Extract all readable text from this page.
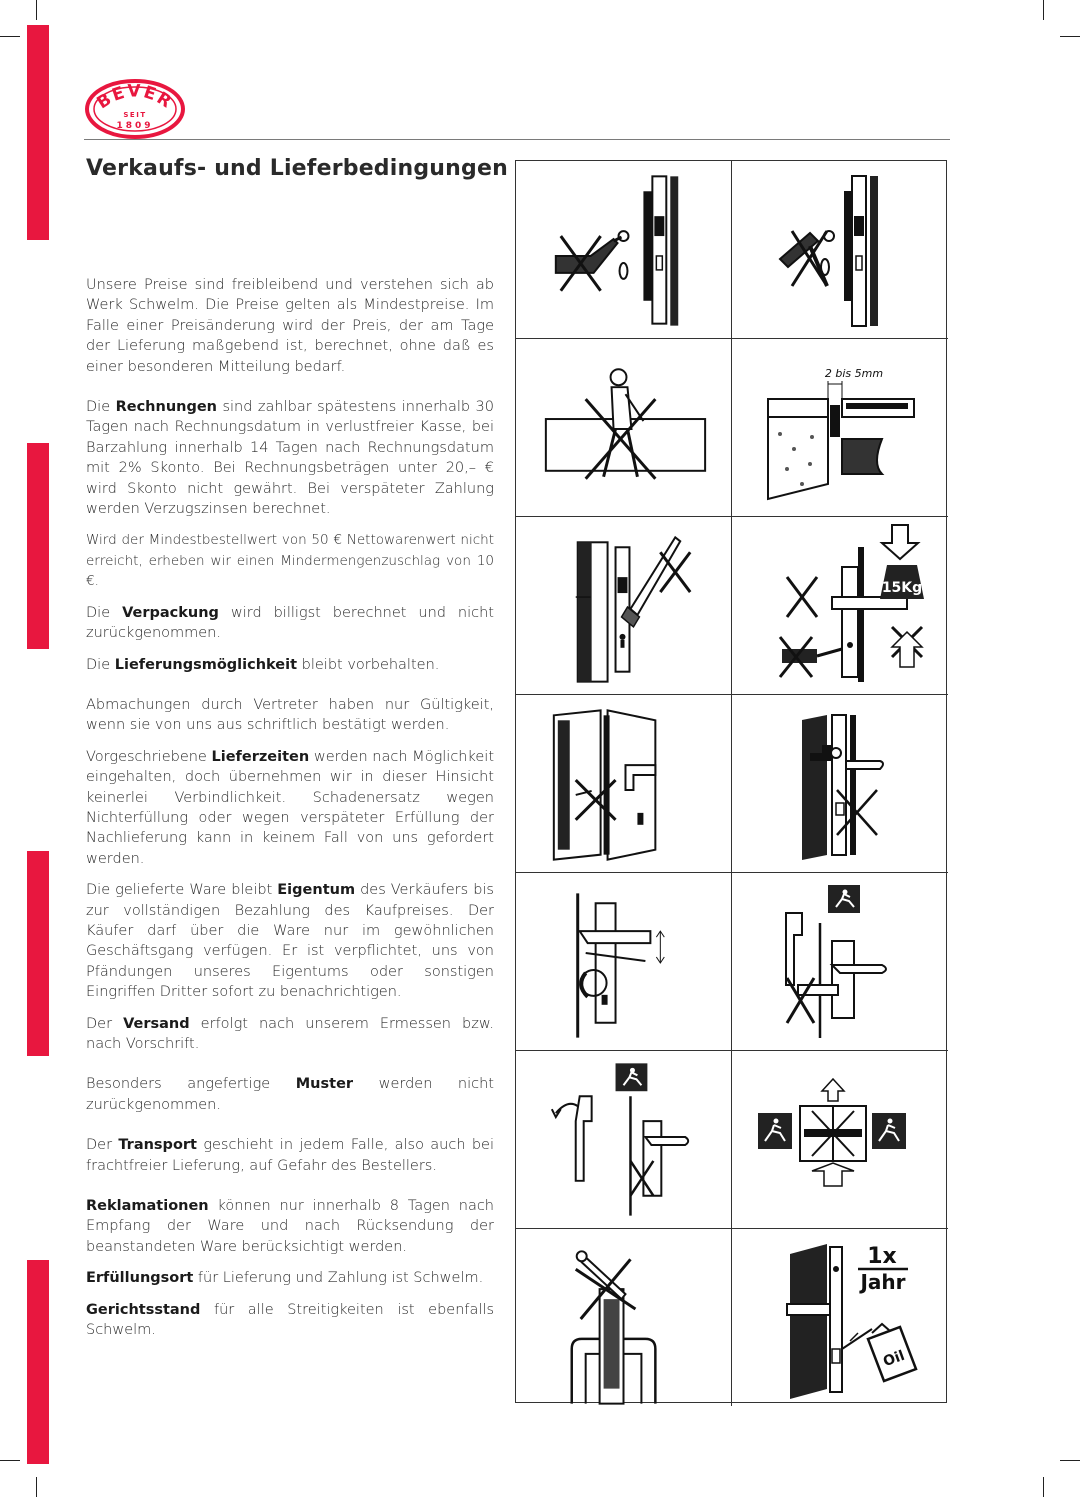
BEVER
SEIT
1809
Verkaufs- und Lieferbedingungen

Unsere Preise sind freibleibend und verstehen sich ab Werk Schwelm. Die Preise gelten als Mindestpreise. Im Falle einer Preisänderung wird der Preis, der am Tage der Lieferung maßgebend ist, berechnet, ohne daß es einer besonderen Mitteilung bedarf.

Die Rechnungen sind zahlbar spätestens innerhalb 30 Tagen nach Rechnungsdatum in verlustfreier Kasse, bei Barzahlung innerhalb 14 Tagen nach Rechnungsdatum mit 2% Skonto. Bei Rechnungsbeträgen unter 20,– € wird Skonto nicht gewährt. Bei verspäteter Zahlung werden Verzugszinsen berechnet.

Wird der Mindestbestellwert von 50 € Nettowarenwert nicht erreicht, erheben wir einen Mindermengenzuschlag von 10 €.

Die Verpackung wird billigst berechnet und nicht zurückgenommen.

Die Lieferungsmöglichkeit bleibt vorbehalten.

Abmachungen durch Vertreter haben nur Gültigkeit, wenn sie von uns aus schriftlich bestätigt werden.

Vorgeschriebene Lieferzeiten werden nach Möglichkeit eingehalten, doch übernehmen wir in dieser Hinsicht keinerlei Verbindlichkeit. Schadenersatz wegen Nichterfüllung oder wegen verspäteter Erfüllung der Nachlieferung kann in keinem Fall von uns gefordert werden.

Die gelieferte Ware bleibt Eigentum des Verkäufers bis zur vollständigen Bezahlung des Kaufpreises. Der Käufer darf über die Ware nur im gewöhnlichen Geschäftsgang verfügen. Er ist verpflichtet, uns von Pfändungen unseres Eigentums oder sonstigen Eingriffen Dritter sofort zu benachrichtigen.

Der Versand erfolgt nach unserem Ermessen bzw. nach Vorschrift.

Besonders angefertige Muster werden nicht zurückgenommen.

Der Transport geschieht in jedem Falle, also auch bei frachtfreier Lieferung, auf Gefahr des Bestellers.

Reklamationen können nur innerhalb 8 Tagen nach Empfang der Ware und nach Rücksendung der beanstandeten Ware berücksichtigt werden.

Erfüllungsort für Lieferung und Zahlung ist Schwelm.

Gerichtsstand für alle Streitigkeiten ist ebenfalls Schwelm.

2 bis 5mm
15Kg
1x
Jahr
Oil
